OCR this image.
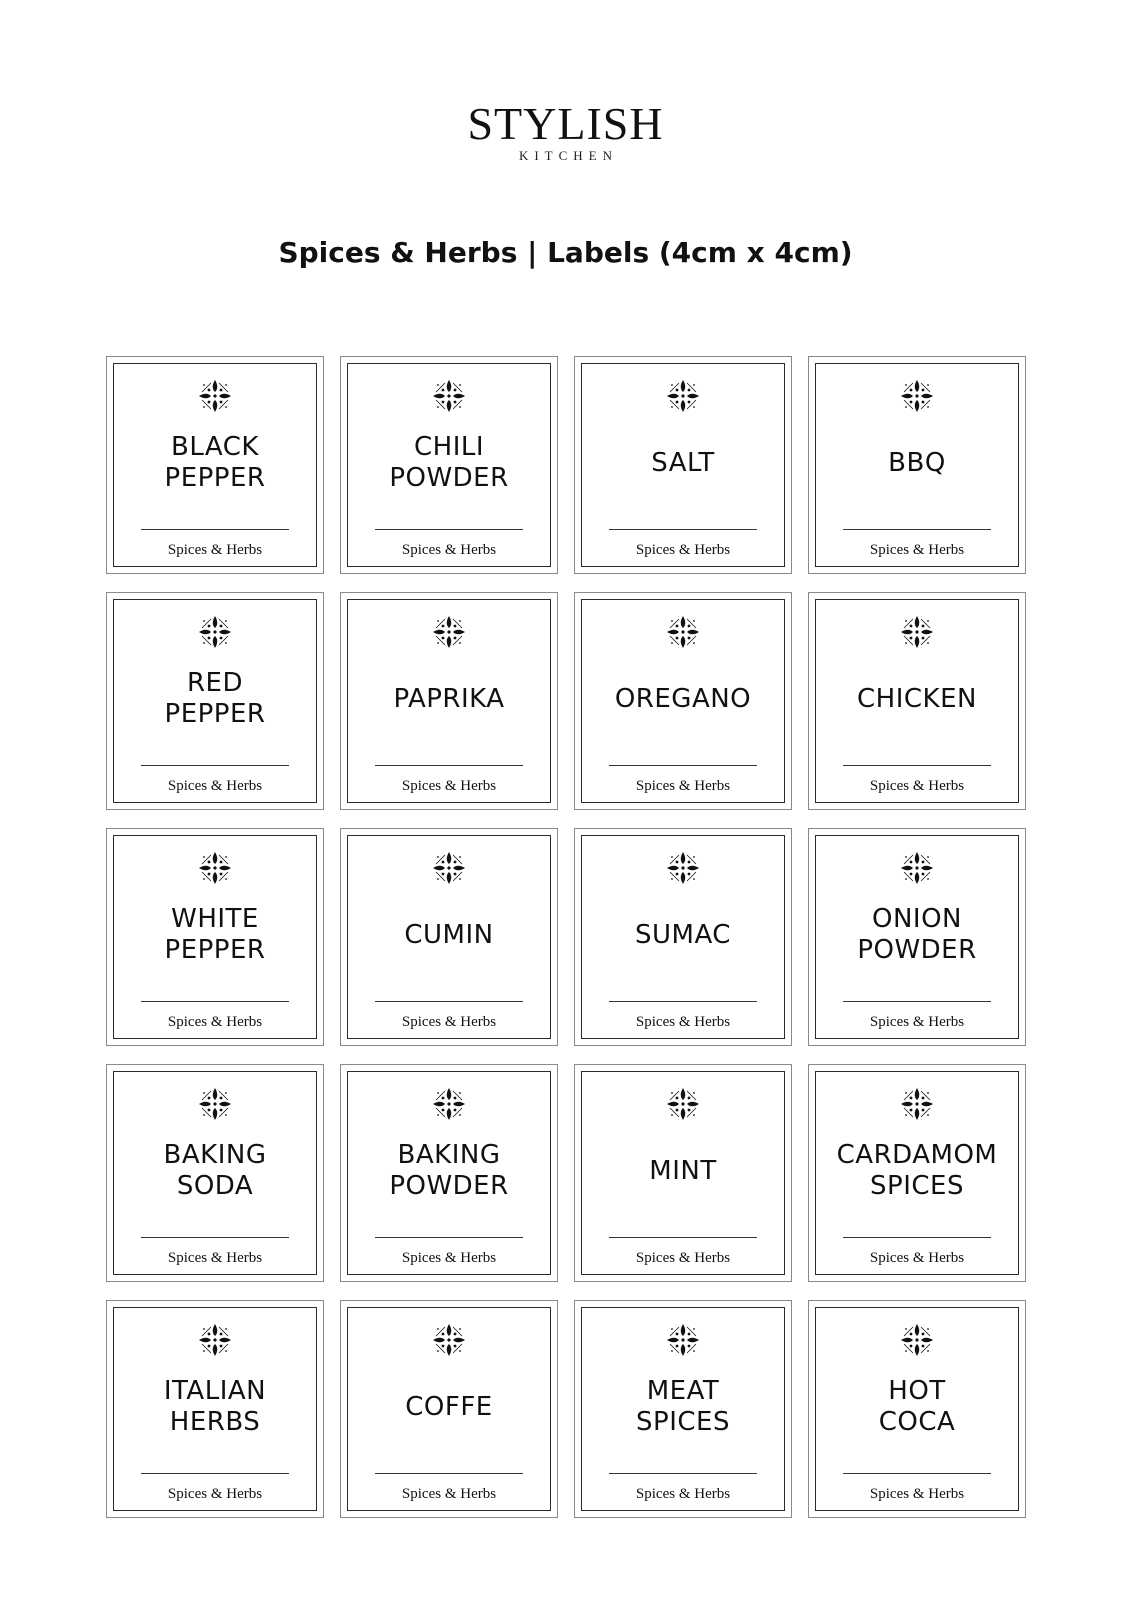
STYLISH
KITCHEN
Spices & Herbs | Labels (4cm x 4cm)
BLACK
PEPPER
Spices & Herbs
CHILI
POWDER
Spices & Herbs
SALT
Spices & Herbs
BBQ
Spices & Herbs
RED
PEPPER
Spices & Herbs
PAPRIKA
Spices & Herbs
OREGANO
Spices & Herbs
CHICKEN
Spices & Herbs
WHITE
PEPPER
Spices & Herbs
CUMIN
Spices & Herbs
SUMAC
Spices & Herbs
ONION
POWDER
Spices & Herbs
BAKING
SODA
Spices & Herbs
BAKING
POWDER
Spices & Herbs
MINT
Spices & Herbs
CARDAMOM
SPICES
Spices & Herbs
ITALIAN
HERBS
Spices & Herbs
COFFE
Spices & Herbs
MEAT
SPICES
Spices & Herbs
HOT
COCA
Spices & Herbs
